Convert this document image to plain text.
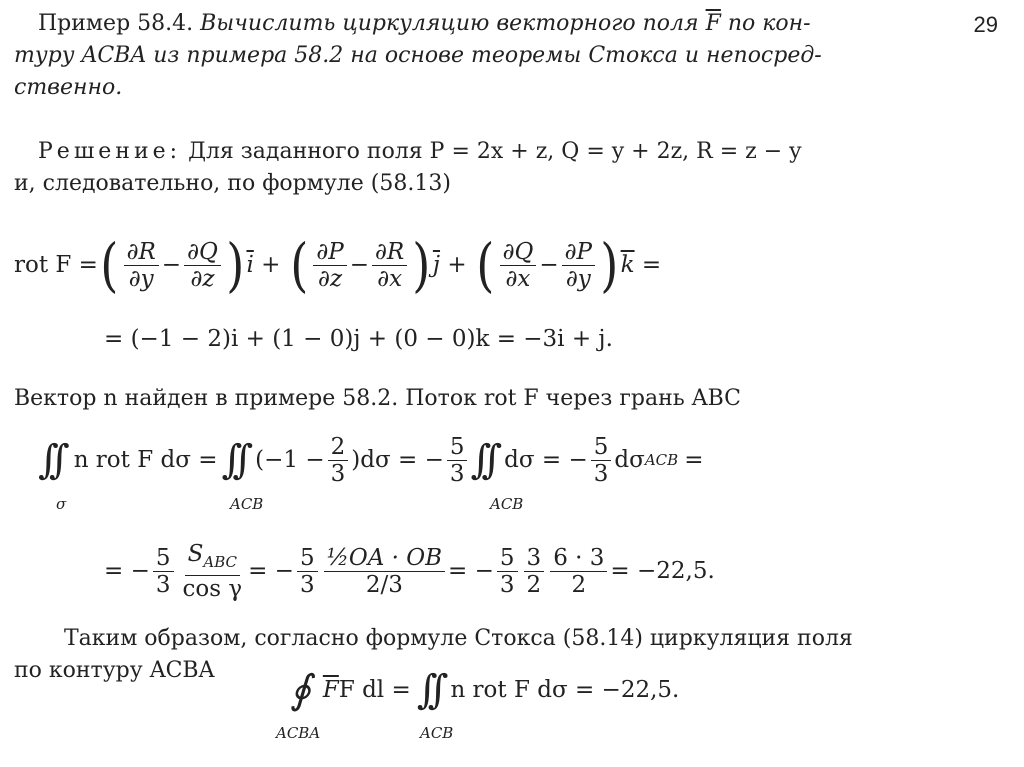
29
Пример 58.4. Вычислить циркуляцию векторного поля $\overline{F}$ по кон-
туру ACBA из примера 58.2 на основе теоремы Стокса и непосред-
ственно.
Решение: Для заданного поля P = 2x + z, Q = y + 2z, R = z − y
и, следовательно, по формуле (58.13)
rot F = ( $\frac{\partial R}{\partial y} - \frac{\partial Q}{\partial z}$ ) $\overline{i}$ + ( $\frac{\partial P}{\partial z} - \frac{\partial R}{\partial x}$ ) $\overline{j}$ + ( $\frac{\partial Q}{\partial x} - \frac{\partial P}{\partial y}$ ) $\overline{k}$ =
= (−1 − 2)i + (1 − 0)j + (0 − 0)k = −3i + j.
Вектор n найден в примере 58.2. Поток rot F через грань ABC
∫∫ n rot F dσ = ∫∫ $(-1 - \frac{2}{3} )d\sigma$ = − $\frac{5}{3}$ ∫∫ dσ = − $\frac{5}{3}$ dσ ACB =
σ	ACB	ACB
= − $\frac{5}{3} \frac{S_{ABC}}{\text{cos γ}}$ = − $\frac{5}{3} \frac{\text{½OA · OB}}{2/3}$ = − $\frac{5}{3} \frac{3}{2} \frac{6 \cdot 3}{2} = -22,5$.
Таким образом, согласно формуле Стокса (58.14) циркуляция поля
по контуру ACBA ∮ $\overline{F}$ F dl = ∫∫ n rot F dσ = −22,5.
ACBA	ACB
